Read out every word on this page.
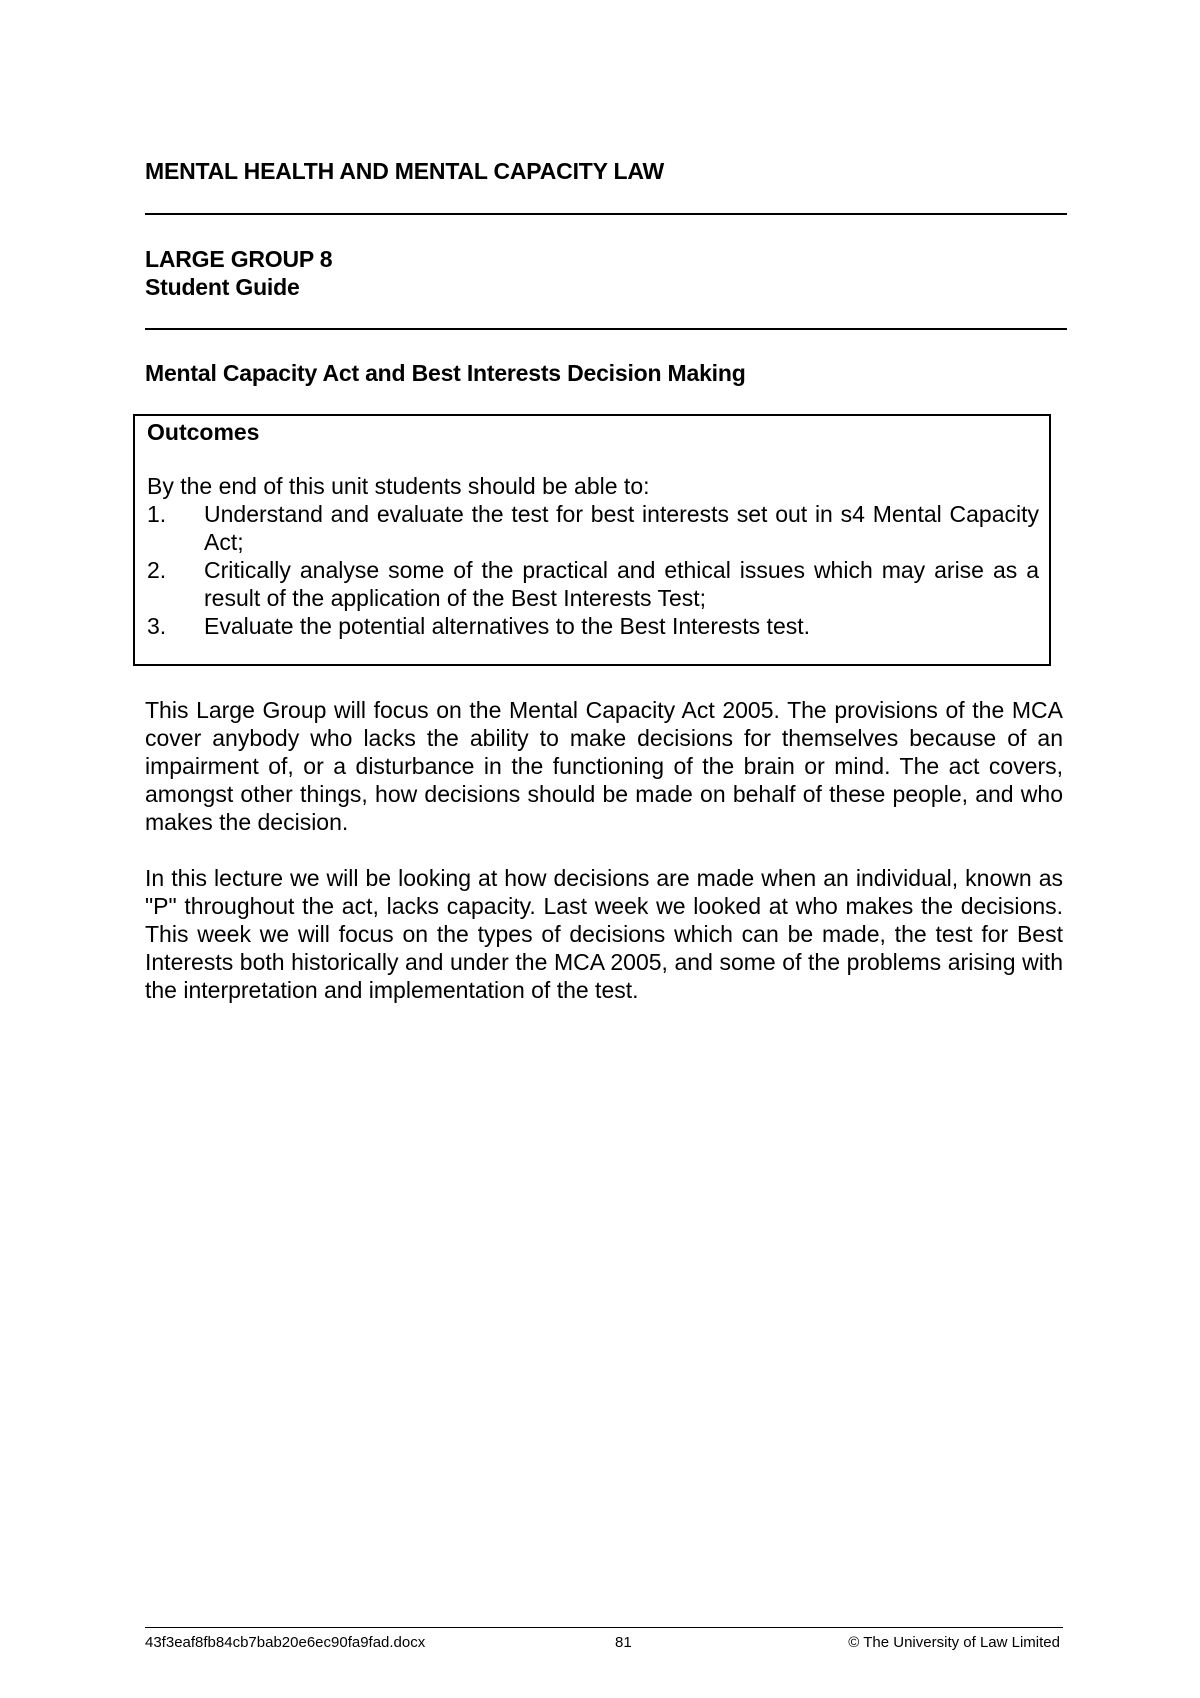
MENTAL HEALTH AND MENTAL CAPACITY LAW
LARGE GROUP 8
Student Guide
Mental Capacity Act and Best Interests Decision Making
Outcomes
By the end of this unit students should be able to:
1. Understand and evaluate the test for best interests set out in s4 Mental Capacity Act;
2. Critically analyse some of the practical and ethical issues which may arise as a result of the application of the Best Interests Test;
3. Evaluate the potential alternatives to the Best Interests test.

This Large Group will focus on the Mental Capacity Act 2005. The provisions of the MCA cover anybody who lacks the ability to make decisions for themselves because of an impairment of, or a disturbance in the functioning of the brain or mind. The act covers, amongst other things, how decisions should be made on behalf of these people, and who makes the decision.

In this lecture we will be looking at how decisions are made when an individual, known as "P" throughout the act, lacks capacity. Last week we looked at who makes the decisions. This week we will focus on the types of decisions which can be made, the test for Best Interests both historically and under the MCA 2005, and some of the problems arising with the interpretation and implementation of the test.

43f3eaf8fb84cb7bab20e6ec90fa9fad.docx	81	© The University of Law Limited
